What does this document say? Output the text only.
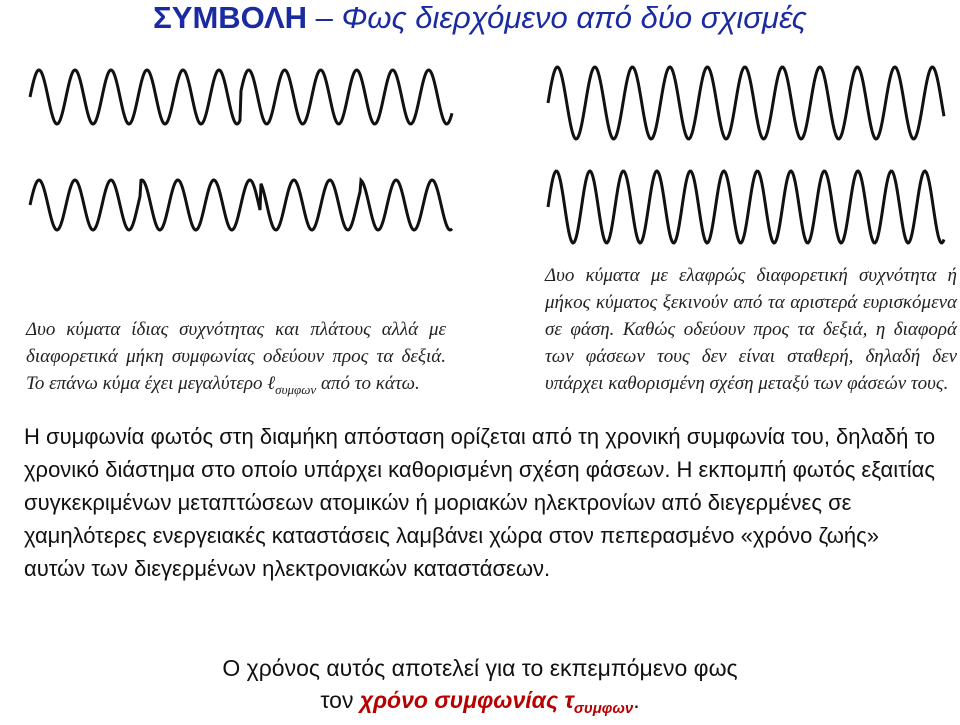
ΣΥΜΒΟΛΗ – Φως διερχόμενο από δύο σχισμές
Δυο κύματα ίδιας συχνότητας και πλάτους αλλά με διαφορετικά μήκη συμφωνίας οδεύουν προς τα δεξιά. Το επάνω κύμα έχει μεγαλύτερο ℓ$_{\sigma\upsilon\mu\varphi\omega\nu}$ από το κάτω.
Δυο κύματα με ελαφρώς διαφορετική συχνότητα ή μήκος κύματος ξεκινούν από τα αριστερά ευρισκόμενα σε φάση. Καθώς οδεύουν προς τα δεξιά, η διαφορά των φάσεων τους δεν είναι σταθερή, δηλαδή δεν υπάρχει καθορισμένη σχέση μεταξύ των φάσεών τους.
Η συμφωνία φωτός στη διαμήκη απόσταση ορίζεται από τη χρονική συμφωνία του, δηλαδή το χρονικό διάστημα στο οποίο υπάρχει καθορισμένη σχέση φάσεων. Η εκπομπή φωτός εξαιτίας συγκεκριμένων μεταπτώσεων ατομικών ή μοριακών ηλεκτρονίων από διεγερμένες σε χαμηλότερες ενεργειακές καταστάσεις λαμβάνει χώρα στον πεπερασμένο «χρόνο ζωής» αυτών των διεγερμένων ηλεκτρονιακών καταστάσεων.
Ο χρόνος αυτός αποτελεί για το εκπεμπόμενο φως
τον χρόνο συμφωνίας $\tau_{\sigma\upsilon\mu\varphi\omega\nu}$.
